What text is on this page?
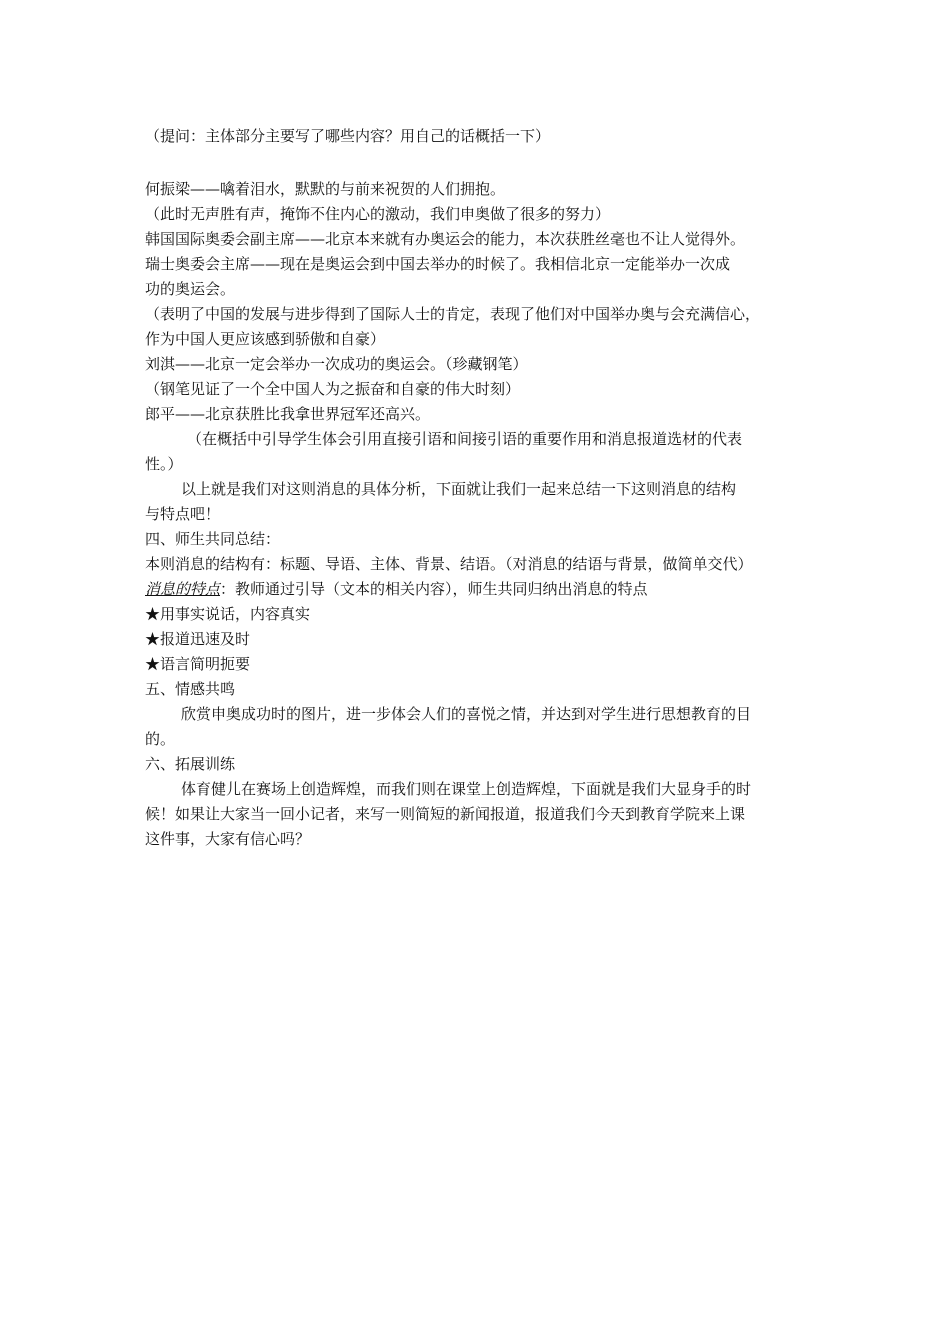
（提问：主体部分主要写了哪些内容？用自己的话概括一下）
何振梁——噙着泪水，默默的与前来祝贺的人们拥抱。
（此时无声胜有声，掩饰不住内心的激动，我们申奥做了很多的努力）
韩国国际奥委会副主席——北京本来就有办奥运会的能力，本次获胜丝毫也不让人觉得外。
瑞士奥委会主席——现在是奥运会到中国去举办的时候了。我相信北京一定能举办一次成
功的奥运会。
（表明了中国的发展与进步得到了国际人士的肯定，表现了他们对中国举办奥与会充满信心，
作为中国人更应该感到骄傲和自豪）
刘淇——北京一定会举办一次成功的奥运会。（珍藏钢笔）
（钢笔见证了一个全中国人为之振奋和自豪的伟大时刻）
郎平——北京获胜比我拿世界冠军还高兴。
（在概括中引导学生体会引用直接引语和间接引语的重要作用和消息报道选材的代表
性。）
以上就是我们对这则消息的具体分析，下面就让我们一起来总结一下这则消息的结构
与特点吧！
四、师生共同总结：
本则消息的结构有：标题、导语、主体、背景、结语。（对消息的结语与背景，做简单交代）
消息的特点：教师通过引导（文本的相关内容），师生共同归纳出消息的特点
★用事实说话，内容真实
★报道迅速及时
★语言简明扼要
五、情感共鸣
欣赏申奥成功时的图片，进一步体会人们的喜悦之情，并达到对学生进行思想教育的目
的。
六、拓展训练
体育健儿在赛场上创造辉煌，而我们则在课堂上创造辉煌，下面就是我们大显身手的时
候！如果让大家当一回小记者，来写一则简短的新闻报道，报道我们今天到教育学院来上课
这件事，大家有信心吗？
